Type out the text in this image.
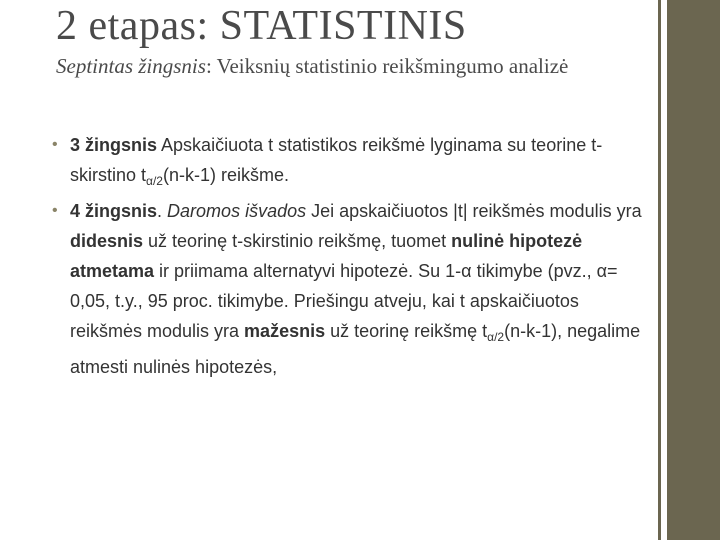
2 etapas: STATISTINIS
Septintas žingsnis: Veiksnių statistinio reikšmingumo analizė
• 3 žingsnis Apskaičiuota t statistikos reikšmė lyginama su teorine t-skirstino $t_{\alpha/2}(n-k-1)$ reikšme.

• 4 žingsnis. Daromos išvados Jei apskaičiuotos |t| reikšmės modulis yra didesnis už teorinę t-skirstinio reikšmę, tuomet nulinė hipotezė atmetama ir priimama alternatyvi hipotezė. Su 1-α tikimybe (pvz., α= 0,05, t.y., 95 proc. tikimybe. Priešingu atveju, kai t apskaičiuotos reikšmės modulis yra mažesnis už teorinę reikšmę $t_{\alpha/2}(n-k-1)$, negalime atmesti nulinės hipotezės,
